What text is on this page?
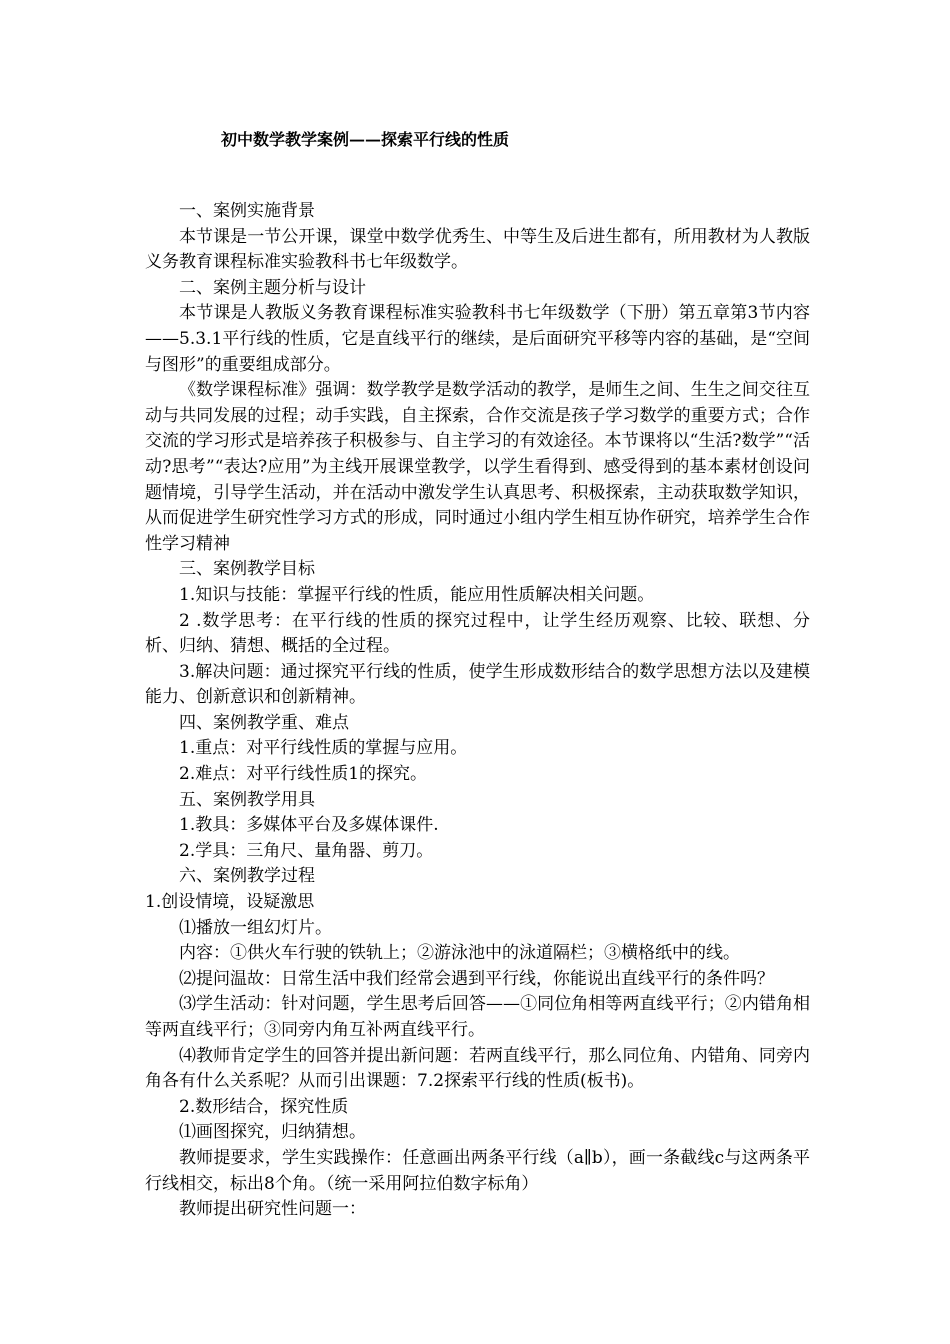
初中数学教学案例——探索平行线的性质

一、案例实施背景

本节课是一节公开课，课堂中数学优秀生、中等生及后进生都有，所用教材为人教版义务教育课程标准实验教科书七年级数学。

二、案例主题分析与设计

本节课是人教版义务教育课程标准实验教科书七年级数学（下册）第五章第3节内容——5.3.1平行线的性质，它是直线平行的继续，是后面研究平移等内容的基础，是“空间与图形”的重要组成部分。

《数学课程标准》强调：数学教学是数学活动的教学，是师生之间、生生之间交往互动与共同发展的过程；动手实践，自主探索，合作交流是孩子学习数学的重要方式；合作交流的学习形式是培养孩子积极参与、自主学习的有效途径。本节课将以“生活?数学”“活动?思考”“表达?应用”为主线开展课堂教学，以学生看得到、感受得到的基本素材创设问题情境，引导学生活动，并在活动中激发学生认真思考、积极探索，主动获取数学知识，从而促进学生研究性学习方式的形成，同时通过小组内学生相互协作研究，培养学生合作性学习精神

三、案例教学目标

1.知识与技能：掌握平行线的性质，能应用性质解决相关问题。

2 .数学思考：在平行线的性质的探究过程中，让学生经历观察、比较、联想、分析、归纳、猜想、概括的全过程。

3.解决问题：通过探究平行线的性质，使学生形成数形结合的数学思想方法以及建模能力、创新意识和创新精神。

四、案例教学重、难点

1.重点：对平行线性质的掌握与应用。

2.难点：对平行线性质1的探究。

五、案例教学用具

1.教具：多媒体平台及多媒体课件.

2.学具：三角尺、量角器、剪刀。

六、案例教学过程

1.创设情境，设疑激思

⑴播放一组幻灯片。

内容：①供火车行驶的铁轨上；②游泳池中的泳道隔栏；③横格纸中的线。

⑵提问温故：日常生活中我们经常会遇到平行线，你能说出直线平行的条件吗？

⑶学生活动：针对问题，学生思考后回答——①同位角相等两直线平行；②内错角相等两直线平行；③同旁内角互补两直线平行。

⑷教师肯定学生的回答并提出新问题：若两直线平行，那么同位角、内错角、同旁内角各有什么关系呢？从而引出课题：7.2探索平行线的性质(板书)。

2.数形结合，探究性质

⑴画图探究，归纳猜想。

教师提要求，学生实践操作：任意画出两条平行线（a∥b），画一条截线c与这两条平行线相交，标出8个角。（统一采用阿拉伯数字标角）

教师提出研究性问题一：
